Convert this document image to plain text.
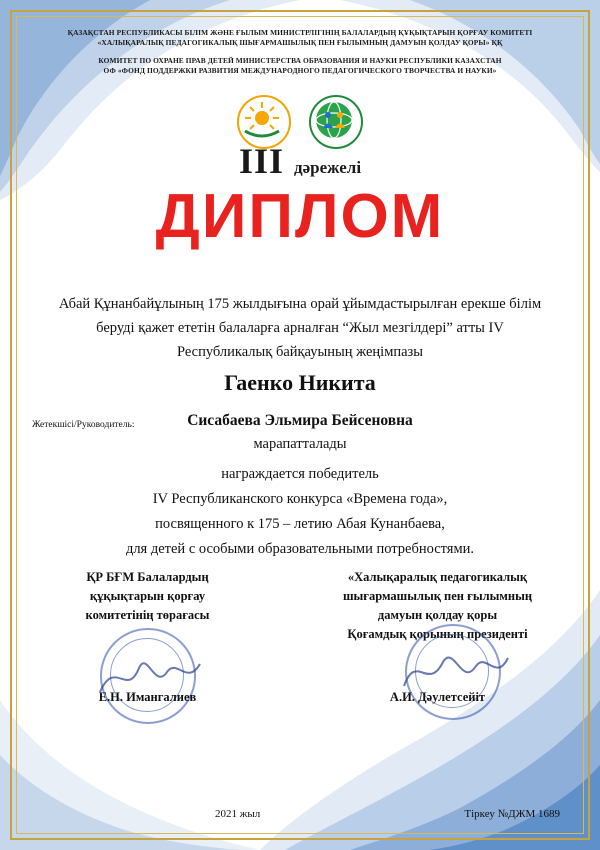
ҚАЗАҚСТАН РЕСПУБЛИКАСЫ БІЛІМ ЖӘНЕ ҒЫЛЫМ МИНИСТРЛІГІНІҢ БАЛАЛАРДЫҢ ҚҰҚЫҚТАРЫН ҚОРҒАУ КОМИТЕТІ
«ХАЛЫҚАРАЛЫҚ ПЕДАГОГИКАЛЫҚ ШЫҒАРМАШЫЛЫҚ ПЕН ҒЫЛЫМНЫҢ ДАМУЫН ҚОЛДАУ ҚОРЫ» ҚҚ
КОМИТЕТ ПО ОХРАНЕ ПРАВ ДЕТЕЙ МИНИСТЕРСТВА ОБРАЗОВАНИЯ И НАУКИ РЕСПУБЛИКИ КАЗАХСТАН
ОФ «ФОНД ПОДДЕРЖКИ РАЗВИТИЯ МЕЖДУНАРОДНОГО ПЕДАГОГИЧЕСКОГО ТВОРЧЕСТВА И НАУКИ»
III дәрежелі
ДИПЛОМ
Абай Құнанбайұлының 175 жылдығына орай ұйымдастырылған ерекше білім беруді қажет ететін балаларға арналған “Жыл мезгілдері” атты IV Республикалық байқауының жеңімпазы
Гаенко Никита
Жетекшісі/Руководитель:	Сисабаева Эльмира Бейсеновна
марапатталады
награждается победитель
IV Республиканского конкурса «Времена года»,
посвященного к 175 – летию Абая Кунанбаева,
для детей с особыми образовательными потребностями.
ҚР БҒМ Балалардың
құқықтарын қорғау
комитетінің төрағасы
«Халықаралық педагогикалық
шығармашылық пен ғылымның
дамуын қолдау қоры
Қоғамдық қорының президенті
Е.Н. Имангалиев	А.И. Дәулетсейіт
2021 жыл	Тіркеу №ДЖМ 1689
